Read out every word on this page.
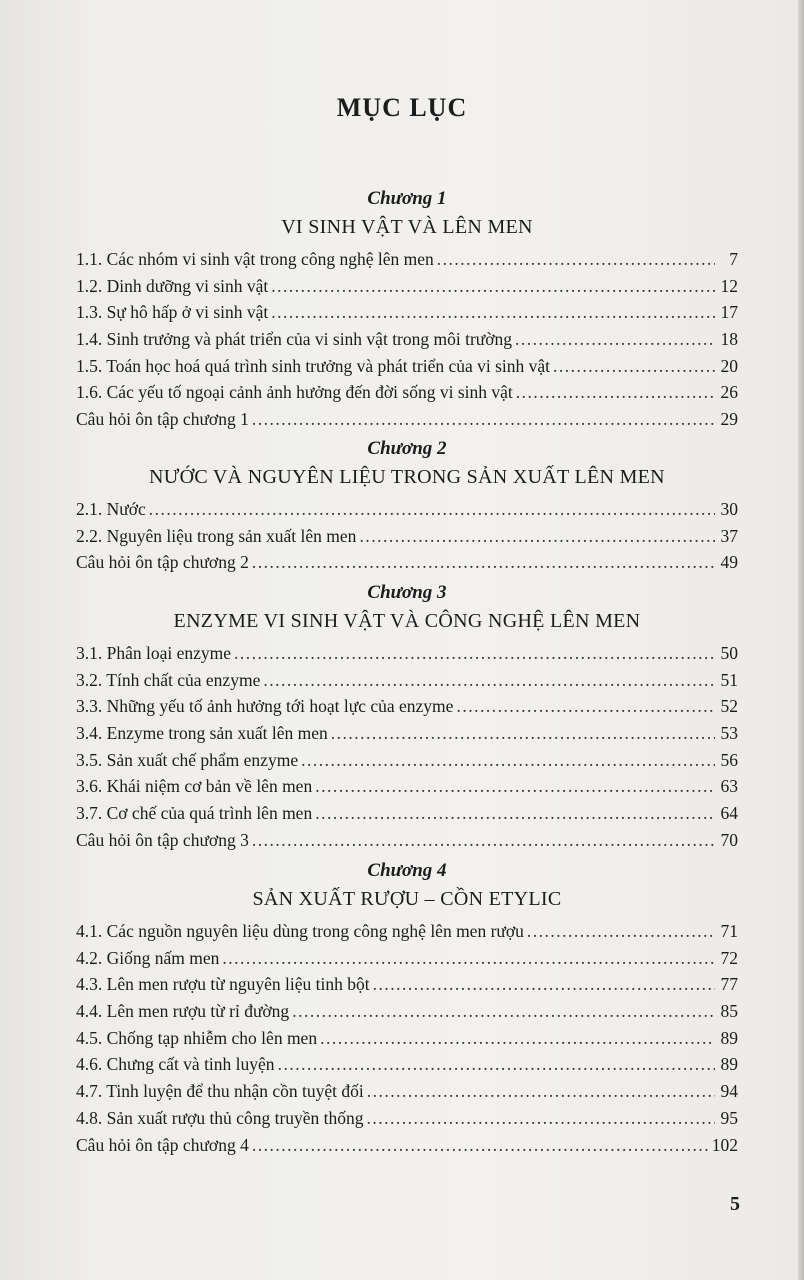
MỤC LỤC
Chương 1
VI SINH VẬT VÀ LÊN MEN
1.1. Các nhóm vi sinh vật trong công nghệ lên men .....	7
1.2. Dinh dưỡng vi sinh vật .....	12
1.3. Sự hô hấp ở vi sinh vật .....	17
1.4. Sinh trưởng và phát triển của vi sinh vật trong môi trường .....	18
1.5. Toán học hoá quá trình sinh trưởng và phát triển của vi sinh vật .....	20
1.6. Các yếu tố ngoại cảnh ảnh hưởng đến đời sống vi sinh vật .....	26
Câu hỏi ôn tập chương 1 .....	29
Chương 2
NƯỚC VÀ NGUYÊN LIỆU TRONG SẢN XUẤT LÊN MEN
2.1. Nước .....	30
2.2. Nguyên liệu trong sản xuất lên men .....	37
Câu hỏi ôn tập chương 2 .....	49
Chương 3
ENZYME VI SINH VẬT VÀ CÔNG NGHỆ LÊN MEN
3.1. Phân loại enzyme .....	50
3.2. Tính chất của enzyme .....	51
3.3. Những yếu tố ảnh hưởng tới hoạt lực của enzyme .....	52
3.4. Enzyme trong sản xuất lên men .....	53
3.5. Sản xuất chế phẩm enzyme .....	56
3.6. Khái niệm cơ bản về lên men .....	63
3.7. Cơ chế của quá trình lên men .....	64
Câu hỏi ôn tập chương 3 .....	70
Chương 4
SẢN XUẤT RƯỢU – CỒN ETYLIC
4.1. Các nguồn nguyên liệu dùng trong công nghệ lên men rượu .....	71
4.2. Giống nấm men .....	72
4.3. Lên men rượu từ nguyên liệu tinh bột .....	77
4.4. Lên men rượu từ rỉ đường .....	85
4.5. Chống tạp nhiễm cho lên men .....	89
4.6. Chưng cất và tinh luyện .....	89
4.7. Tinh luyện để thu nhận cồn tuyệt đối .....	94
4.8. Sản xuất rượu thủ công truyền thống .....	95
Câu hỏi ôn tập chương 4 .....	102
5
